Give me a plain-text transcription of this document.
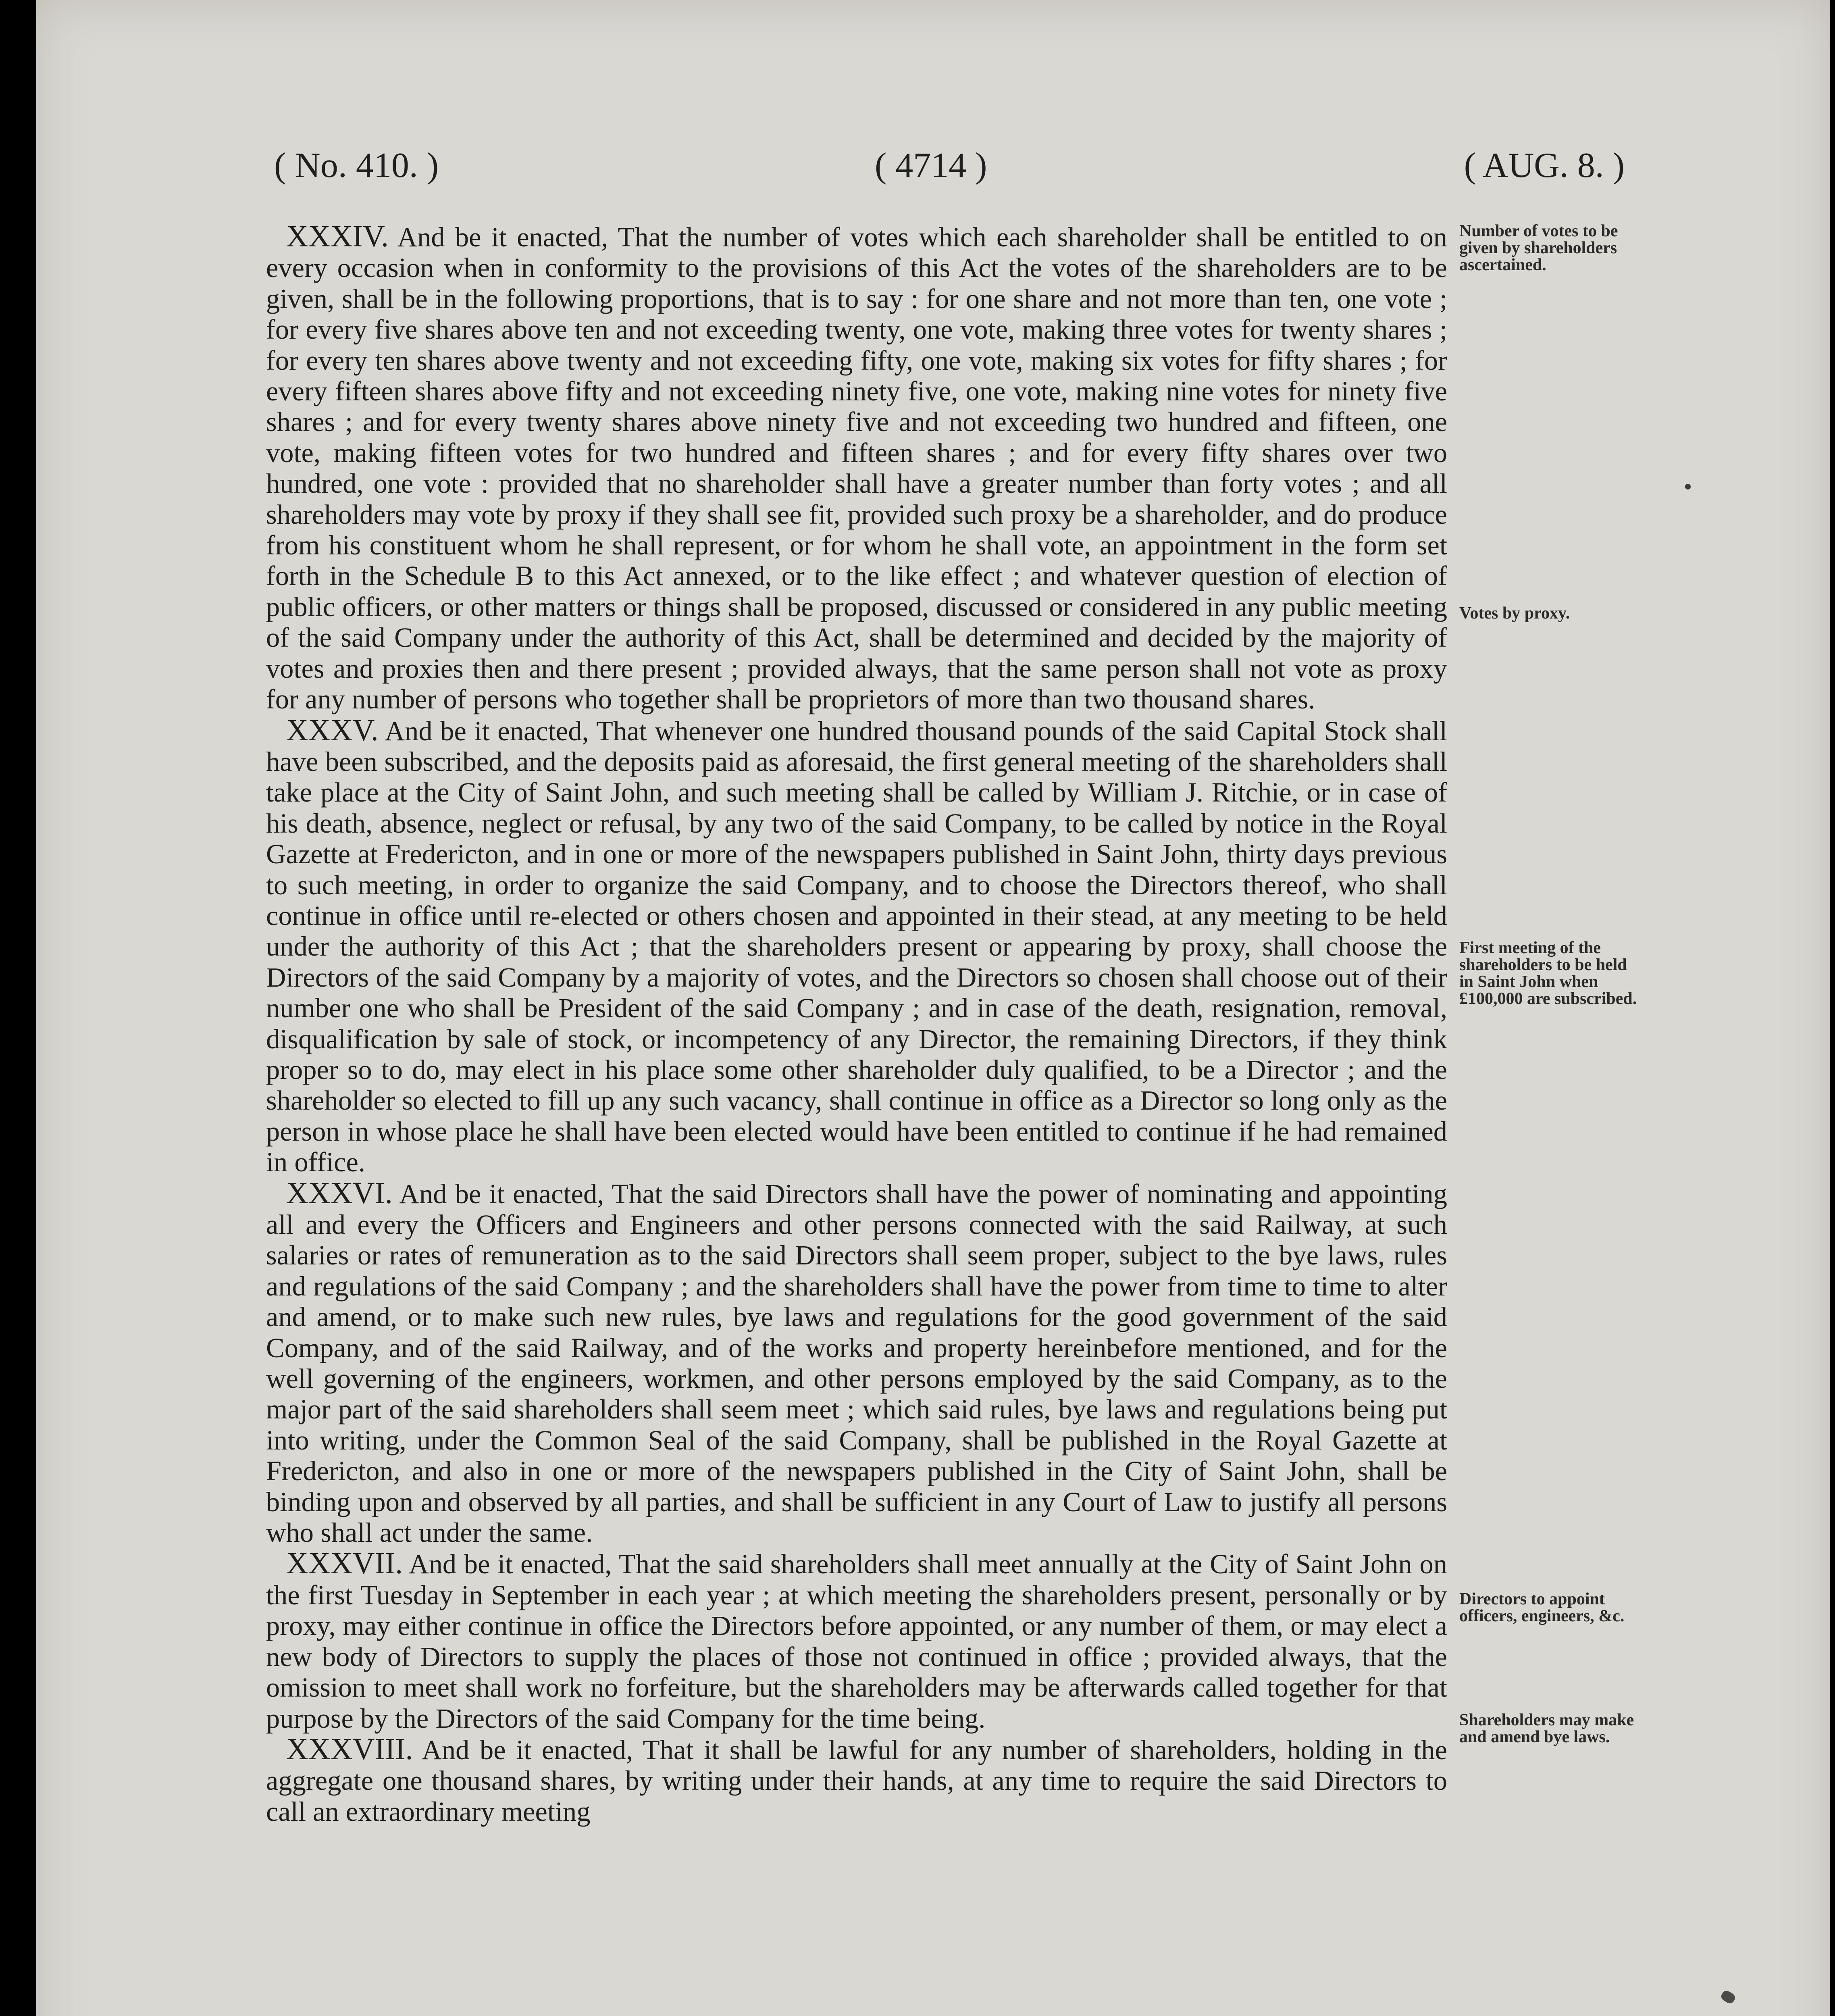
( No. 410. )	( 4714 )	( AUG. 8. )

XXXIV. And be it enacted, That the number of votes which each shareholder shall be entitled to on every occasion when in conformity to the provisions of this Act the votes of the shareholders are to be given, shall be in the following proportions, that is to say : for one share and not more than ten, one vote ; for every five shares above ten and not exceeding twenty, one vote, making three votes for twenty shares ; for every ten shares above twenty and not exceeding fifty, one vote, making six votes for fifty shares ; for every fifteen shares above fifty and not exceeding ninety five, one vote, making nine votes for ninety five shares ; and for every twenty shares above ninety five and not exceeding two hundred and fifteen, one vote, making fifteen votes for two hundred and fifteen shares ; and for every fifty shares over two hundred, one vote : provided that no shareholder shall have a greater number than forty votes ; and all shareholders may vote by proxy if they shall see fit, provided such proxy be a shareholder, and do produce from his constituent whom he shall represent, or for whom he shall vote, an appointment in the form set forth in the Schedule B to this Act annexed, or to the like effect ; and whatever question of election of public officers, or other matters or things shall be proposed, discussed or considered in any public meeting of the said Company under the authority of this Act, shall be determined and decided by the majority of votes and proxies then and there present ; provided always, that the same person shall not vote as proxy for any number of persons who together shall be proprietors of more than two thousand shares.

XXXV. And be it enacted, That whenever one hundred thousand pounds of the said Capital Stock shall have been subscribed, and the deposits paid as aforesaid, the first general meeting of the shareholders shall take place at the City of Saint John, and such meeting shall be called by William J. Ritchie, or in case of his death, absence, neglect or refusal, by any two of the said Company, to be called by notice in the Royal Gazette at Fredericton, and in one or more of the newspapers published in Saint John, thirty days previous to such meeting, in order to organize the said Company, and to choose the Directors thereof, who shall continue in office until re-elected or others chosen and appointed in their stead, at any meeting to be held under the authority of this Act ; that the shareholders present or appearing by proxy, shall choose the Directors of the said Company by a majority of votes, and the Directors so chosen shall choose out of their number one who shall be President of the said Company ; and in case of the death, resignation, removal, disqualification by sale of stock, or incompetency of any Director, the remaining Directors, if they think proper so to do, may elect in his place some other shareholder duly qualified, to be a Director ; and the shareholder so elected to fill up any such vacancy, shall continue in office as a Director so long only as the person in whose place he shall have been elected would have been entitled to continue if he had remained in office.

XXXVI. And be it enacted, That the said Directors shall have the power of nominating and appointing all and every the Officers and Engineers and other persons connected with the said Railway, at such salaries or rates of remuneration as to the said Directors shall seem proper, subject to the bye laws, rules and regulations of the said Company ; and the shareholders shall have the power from time to time to alter and amend, or to make such new rules, bye laws and regulations for the good government of the said Company, and of the said Railway, and of the works and property hereinbefore mentioned, and for the well governing of the engineers, workmen, and other persons employed by the said Company, as to the major part of the said shareholders shall seem meet ; which said rules, bye laws and regulations being put into writing, under the Common Seal of the said Company, shall be published in the Royal Gazette at Fredericton, and also in one or more of the newspapers published in the City of Saint John, shall be binding upon and observed by all parties, and shall be sufficient in any Court of Law to justify all persons who shall act under the same.

XXXVII. And be it enacted, That the said shareholders shall meet annually at the City of Saint John on the first Tuesday in September in each year ; at which meeting the shareholders present, personally or by proxy, may either continue in office the Directors before appointed, or any number of them, or may elect a new body of Directors to supply the places of those not continued in office ; provided always, that the omission to meet shall work no forfeiture, but the shareholders may be afterwards called together for that purpose by the Directors of the said Company for the time being.

XXXVIII. And be it enacted, That it shall be lawful for any number of shareholders, holding in the aggregate one thousand shares, by writing under their hands, at any time to require the said Directors to call an extraordinary meeting

Number of votes to be given by shareholders ascertained.
Votes by proxy.
First meeting of the shareholders to be held in Saint John when £100,000 are subscribed.
Directors to appoint officers, engineers, &c.
Shareholders may make and amend bye laws.
